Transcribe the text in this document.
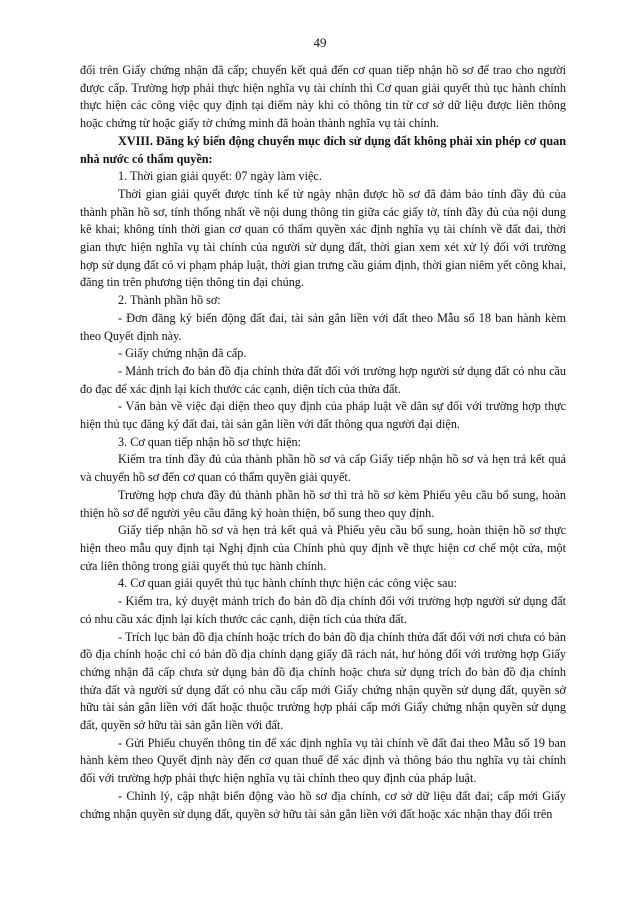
49

đối trên Giấy chứng nhận đã cấp; chuyển kết quả đến cơ quan tiếp nhận hồ sơ để trao cho người được cấp. Trường hợp phải thực hiện nghĩa vụ tài chính thì Cơ quan giải quyết thủ tục hành chính thực hiện các công việc quy định tại điểm này khi có thông tin từ cơ sở dữ liệu được liên thông hoặc chứng từ hoặc giấy tờ chứng minh đã hoàn thành nghĩa vụ tài chính.

XVIII. Đăng ký biến động chuyển mục đích sử dụng đất không phải xin phép cơ quan nhà nước có thẩm quyền:

1. Thời gian giải quyết: 07 ngày làm việc.

Thời gian giải quyết được tính kể từ ngày nhận được hồ sơ đã đảm bảo tính đầy đủ của thành phần hồ sơ, tính thống nhất về nội dung thông tin giữa các giấy tờ, tính đầy đủ của nội dung kê khai; không tính thời gian cơ quan có thẩm quyền xác định nghĩa vụ tài chính về đất đai, thời gian thực hiện nghĩa vụ tài chính của người sử dụng đất, thời gian xem xét xử lý đối với trường hợp sử dụng đất có vi phạm pháp luật, thời gian trưng cầu giám định, thời gian niêm yết công khai, đăng tin trên phương tiện thông tin đại chúng.

2. Thành phần hồ sơ:

- Đơn đăng ký biến động đất đai, tài sản gắn liền với đất theo Mẫu số 18 ban hành kèm theo Quyết định này.

- Giấy chứng nhận đã cấp.

- Mảnh trích đo bản đồ địa chính thửa đất đối với trường hợp người sử dụng đất có nhu cầu đo đạc để xác định lại kích thước các cạnh, diện tích của thửa đất.

- Văn bản về việc đại diện theo quy định của pháp luật về dân sự đối với trường hợp thực hiện thủ tục đăng ký đất đai, tài sản gắn liền với đất thông qua người đại diện.

3. Cơ quan tiếp nhận hồ sơ thực hiện:

Kiểm tra tính đầy đủ của thành phần hồ sơ và cấp Giấy tiếp nhận hồ sơ và hẹn trả kết quả và chuyển hồ sơ đến cơ quan có thẩm quyền giải quyết.

Trường hợp chưa đầy đủ thành phần hồ sơ thì trả hồ sơ kèm Phiếu yêu cầu bổ sung, hoàn thiện hồ sơ để người yêu cầu đăng ký hoàn thiện, bổ sung theo quy định.

Giấy tiếp nhận hồ sơ và hẹn trả kết quả và Phiếu yêu cầu bổ sung, hoàn thiện hồ sơ thực hiện theo mẫu quy định tại Nghị định của Chính phủ quy định về thực hiện cơ chế một cửa, một cửa liên thông trong giải quyết thủ tục hành chính.

4. Cơ quan giải quyết thủ tục hành chính thực hiện các công việc sau:

- Kiểm tra, ký duyệt mảnh trích đo bản đồ địa chính đối với trường hợp người sử dụng đất có nhu cầu xác định lại kích thước các cạnh, diện tích của thửa đất.

- Trích lục bản đồ địa chính hoặc trích đo bản đồ địa chính thửa đất đối với nơi chưa có bản đồ địa chính hoặc chỉ có bản đồ địa chính dạng giấy đã rách nát, hư hỏng đối với trường hợp Giấy chứng nhận đã cấp chưa sử dụng bản đồ địa chính hoặc chưa sử dụng trích đo bản đồ địa chính thửa đất và người sử dụng đất có nhu cầu cấp mới Giấy chứng nhận quyền sử dụng đất, quyền sở hữu tài sản gắn liền với đất hoặc thuộc trường hợp phải cấp mới Giấy chứng nhận quyền sử dụng đất, quyền sở hữu tài sản gắn liền với đất.

- Gửi Phiếu chuyển thông tin để xác định nghĩa vụ tài chính về đất đai theo Mẫu số 19 ban hành kèm theo Quyết định này đến cơ quan thuế để xác định và thông báo thu nghĩa vụ tài chính đối với trường hợp phải thực hiện nghĩa vụ tài chính theo quy định của pháp luật.

- Chỉnh lý, cập nhật biến động vào hồ sơ địa chính, cơ sở dữ liệu đất đai; cấp mới Giấy chứng nhận quyền sử dụng đất, quyền sở hữu tài sản gắn liền với đất hoặc xác nhận thay đổi trên
